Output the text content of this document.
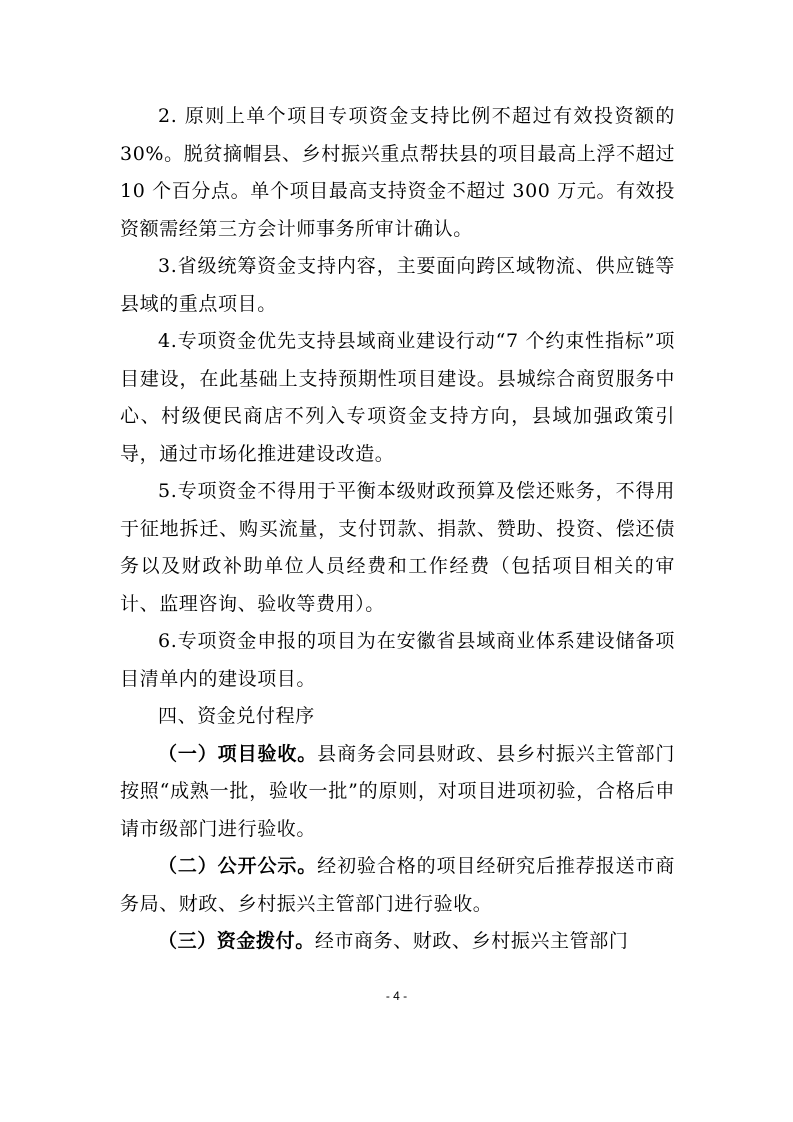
2. 原则上单个项目专项资金支持比例不超过有效投资额的 30%。脱贫摘帽县、乡村振兴重点帮扶县的项目最高上浮不超过 10 个百分点。单个项目最高支持资金不超过 300 万元。有效投资额需经第三方会计师事务所审计确认。

3.省级统筹资金支持内容，主要面向跨区域物流、供应链等县域的重点项目。

4.专项资金优先支持县域商业建设行动“7 个约束性指标”项目建设，在此基础上支持预期性项目建设。县城综合商贸服务中心、村级便民商店不列入专项资金支持方向，县域加强政策引导，通过市场化推进建设改造。

5.专项资金不得用于平衡本级财政预算及偿还账务，不得用于征地拆迁、购买流量，支付罚款、捐款、赞助、投资、偿还债务以及财政补助单位人员经费和工作经费（包括项目相关的审计、监理咨询、验收等费用）。

6.专项资金申报的项目为在安徽省县域商业体系建设储备项目清单内的建设项目。

四、资金兑付程序

（一）项目验收。县商务会同县财政、县乡村振兴主管部门按照“成熟一批，验收一批”的原则，对项目进项初验，合格后申请市级部门进行验收。

（二）公开公示。经初验合格的项目经研究后推荐报送市商务局、财政、乡村振兴主管部门进行验收。

（三）资金拨付。经市商务、财政、乡村振兴主管部门

- 4 -
